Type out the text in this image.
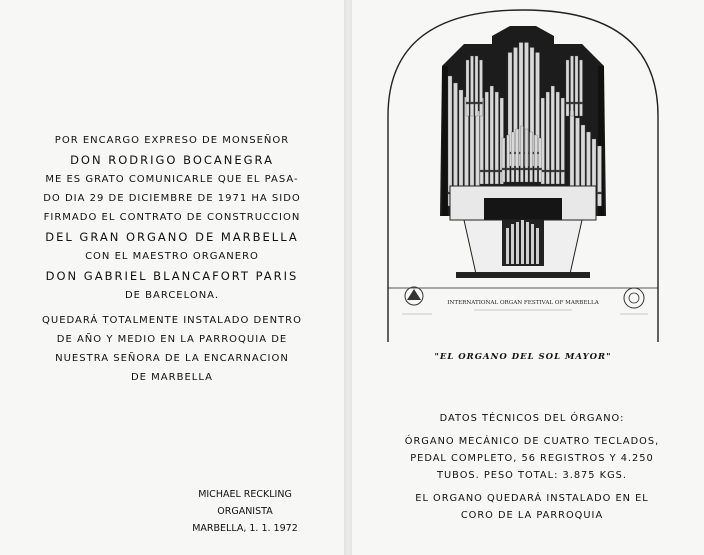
POR ENCARGO EXPRESO DE MONSEÑOR
DON RODRIGO BOCANEGRA
ME ES GRATO COMUNICARLE QUE EL PASA-
DO DIA 29 DE DICIEMBRE DE 1971 HA SIDO
FIRMADO EL CONTRATO DE CONSTRUCCION
DEL GRAN ORGANO DE MARBELLA
CON EL MAESTRO ORGANERO
DON GABRIEL BLANCAFORT PARIS
DE BARCELONA.
QUEDARÁ TOTALMENTE INSTALADO DENTRO
DE AÑO Y MEDIO EN LA PARROQUIA DE
NUESTRA SEÑORA DE LA ENCARNACION
DE MARBELLA
MICHAEL RECKLING
ORGANISTA
MARBELLA, 1. 1. 1972
INTERNATIONAL ORGAN FESTIVAL OF MARBELLA
"EL ORGANO DEL SOL MAYOR"
DATOS TÉCNICOS DEL ÓRGANO:
ÓRGANO MECÁNICO DE CUATRO TECLADOS,
PEDAL COMPLETO, 56 REGISTROS Y 4.250
TUBOS. PESO TOTAL: 3.875 KGS.
EL ORGANO QUEDARÁ INSTALADO EN EL
CORO DE LA PARROQUIA
